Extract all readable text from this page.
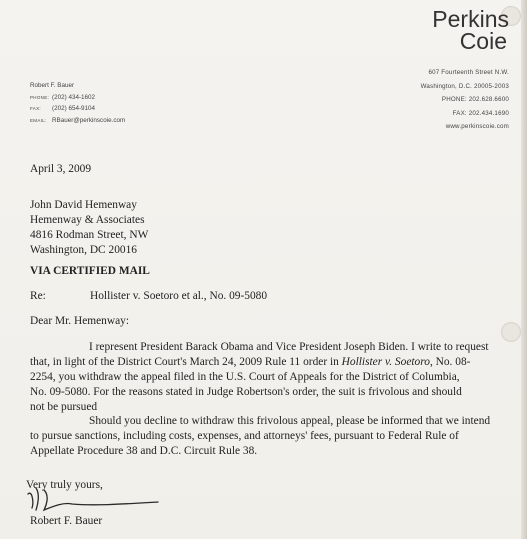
Perkins
Coie
607 Fourteenth Street N.W.
Washington, D.C. 20005-2003
PHONE: 202.628.6600
FAX: 202.434.1690
www.perkinscoie.com
Robert F. Bauer
PHONE: (202) 434-1602
FAX: (202) 654-9104
EMAIL: RBauer@perkinscoie.com
April 3, 2009
John David Hemenway
Hemenway & Associates
4816 Rodman Street, NW
Washington, DC 20016
VIA CERTIFIED MAIL
Re:	Hollister v. Soetoro et al., No. 09-5080
Dear Mr. Hemenway:
I represent President Barack Obama and Vice President Joseph Biden. I write to request
that, in light of the District Court's March 24, 2009 Rule 11 order in Hollister v. Soetoro, No. 08-
2254, you withdraw the appeal filed in the U.S. Court of Appeals for the District of Columbia,
No. 09-5080. For the reasons stated in Judge Robertson's order, the suit is frivolous and should
not be pursued
Should you decline to withdraw this frivolous appeal, please be informed that we intend
to pursue sanctions, including costs, expenses, and attorneys' fees, pursuant to Federal Rule of
Appellate Procedure 38 and D.C. Circuit Rule 38.
Very truly yours,
Robert F. Bauer
